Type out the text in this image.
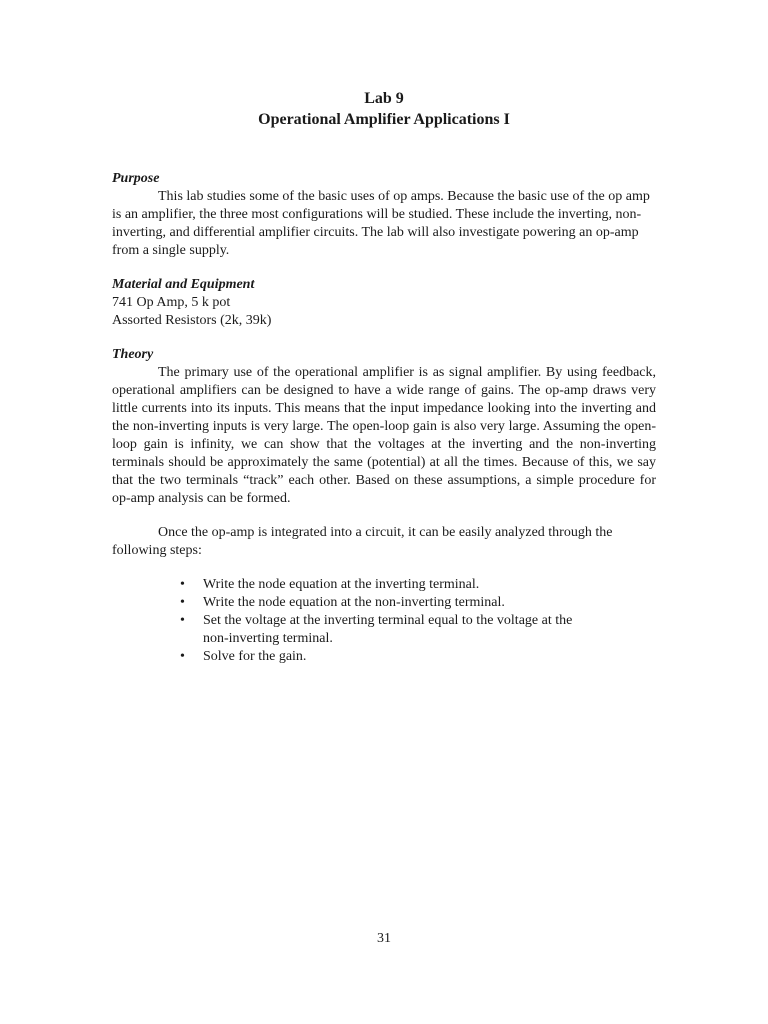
Lab 9
Operational Amplifier Applications I

Purpose

This lab studies some of the basic uses of op amps. Because the basic use of the op amp is an amplifier, the three most configurations will be studied. These include the inverting, non-inverting, and differential amplifier circuits. The lab will also investigate powering an op-amp from a single supply.

Material and Equipment

741 Op Amp, 5 k pot
Assorted Resistors (2k, 39k)

Theory

The primary use of the operational amplifier is as signal amplifier. By using feedback, operational amplifiers can be designed to have a wide range of gains. The op-amp draws very little currents into its inputs. This means that the input impedance looking into the inverting and the non-inverting inputs is very large. The open-loop gain is also very large. Assuming the open-loop gain is infinity, we can show that the voltages at the inverting and the non-inverting terminals should be approximately the same (potential) at all the times. Because of this, we say that the two terminals “track” each other. Based on these assumptions, a simple procedure for op-amp analysis can be formed.

Once the op-amp is integrated into a circuit, it can be easily analyzed through the following steps:

• Write the node equation at the inverting terminal.
• Write the node equation at the non-inverting terminal.
• Set the voltage at the inverting terminal equal to the voltage at the non-inverting terminal.
• Solve for the gain.
31
